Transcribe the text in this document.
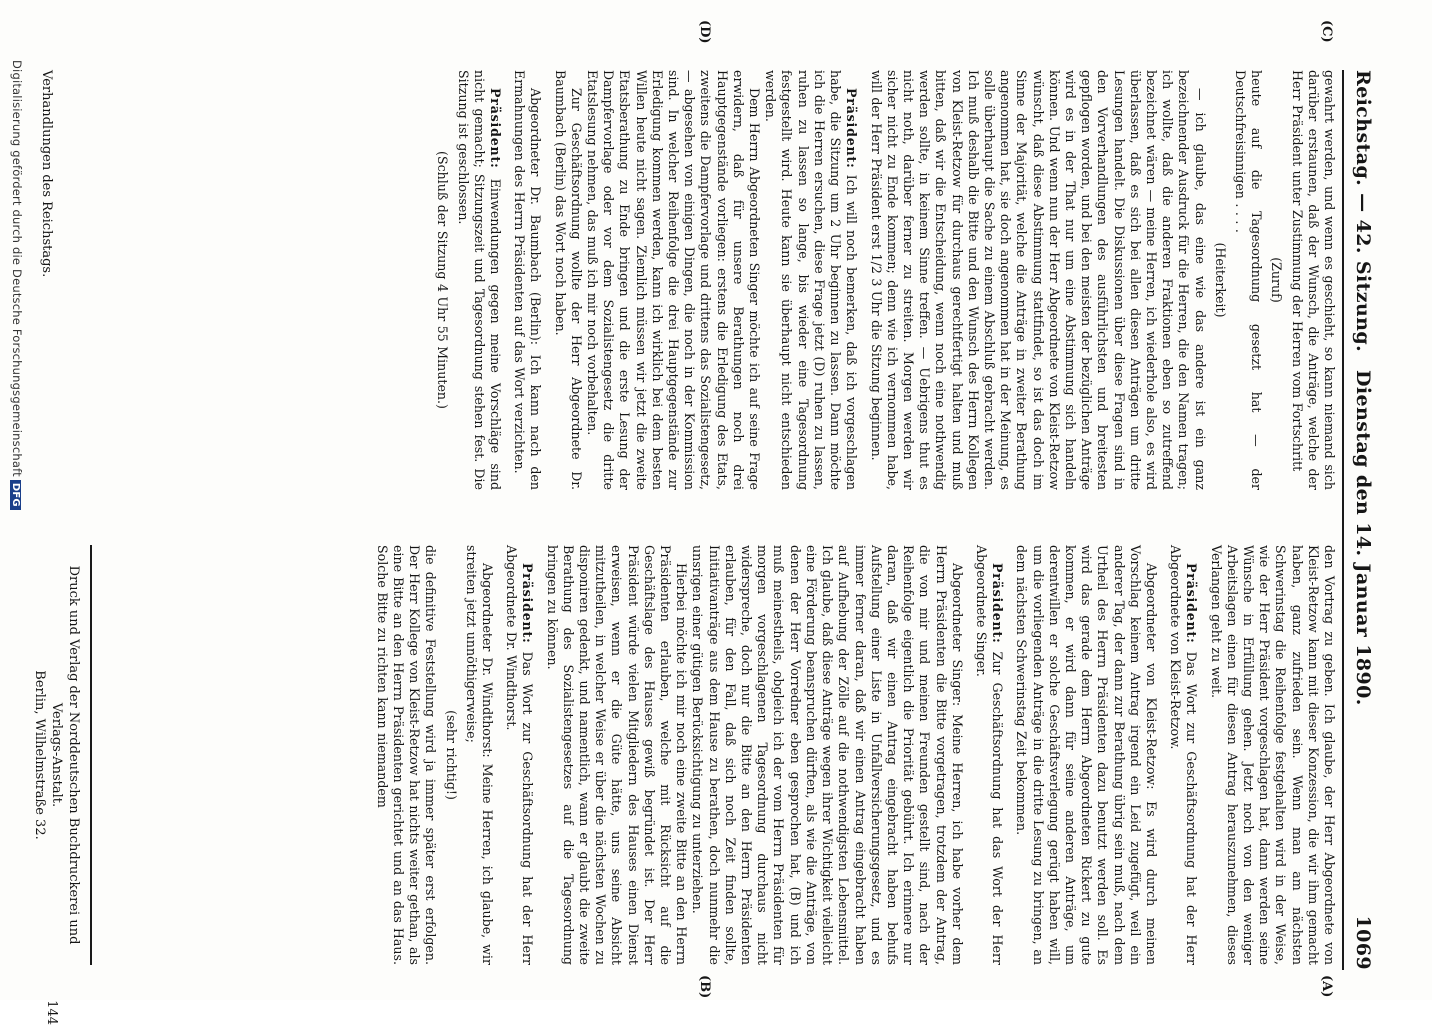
Reichstag. — 42. Sitzung.
Dienstag den 14. Januar 1890.
1069

gewahrt werden, und wenn es geschieht, so kann niemand sich darüber erstaunen, daß der Wunsch, die Anträge, welche der Herr Präsident unter Zustimmung der Herren vom Fortschritt

(Zuruf)

heute auf die Tagesordnung gesetzt hat — der Deutschfreisinnigen . . . .

(Heiterkeit)

— ich glaube, das eine wie das andere ist ein ganz bezeichnender Ausdruck für die Herren, die den Namen tragen; ich wollte, daß die anderen Fraktionen eben so zutreffend bezeichnet wären — meine Herren, ich wiederhole also, es wird überlassen, daß es sich bei allen diesen Anträgen um dritte Lesungen handelt. Die Diskussionen über diese Fragen sind in den Vorverhandlungen des ausführlichsten und breitesten gepflogen worden, und bei den meisten der bezüglichen Anträge wird es in der That nur um eine Abstimmung sich handeln können. Und wenn nun der Herr Abgeordnete von Kleist-Retzow wünscht, daß diese Abstimmung stattfindet, so ist das doch im Sinne der Majorität, welche die Anträge in zweiter Berathung angenommen hat, sie doch angenommen hat in der Meinung, es solle überhaupt die Sache zu einem Abschluß gebracht werden. Ich muß deshalb die Bitte und den Wunsch des Herrn Kollegen von Kleist-Retzow für durchaus gerechtfertigt halten und muß bitten, daß wir die Entscheidung, wenn noch eine nothwendig werden sollte, in keinem Sinne treffen. — Uebrigens thut es nicht noth, darüber ferner zu streiten. Morgen werden wir sicher nicht zu Ende kommen; denn wie ich vernommen habe, will der Herr Präsident erst 1/2 3 Uhr die Sitzung beginnen.

Präsident: Ich will noch bemerken, daß ich vorgeschlagen habe, die Sitzung um 2 Uhr beginnen zu lassen. Dann möchte ich die Herren ersuchen, diese Frage jetzt (D) ruhen zu lassen, ruhen zu lassen so lange, bis wieder eine Tagesordnung festgestellt wird. Heute kann sie überhaupt nicht entschieden werden.

Dem Herrn Abgeordneten Singer möchte ich auf seine Frage erwidern, daß für unsere Berathungen noch drei Hauptgegenstände vorliegen: erstens die Erledigung des Etats, zweitens die Dampfervorlage und drittens das Sozialistengesetz, — abgesehen von einigen Dingen, die noch in der Kommission sind. In welcher Reihenfolge die drei Hauptgegenstände zur Erledigung kommen werden, kann ich wirklich bei dem besten Willen heute nicht sagen. Ziemlich müssen wir jetzt die zweite Etatsberathung zu Ende bringen und die erste Lesung der Dampfervorlage oder vor dem Sozialistengesetz die dritte Etatslesung nehmen, das muß ich mir noch vorbehalten.

Zur Geschäftsordnung wollte der Herr Abgeordnete Dr. Baumbach (Berlin) das Wort noch haben.

Abgeordneter Dr. Baumbach (Berlin): Ich kann nach den Ermahnungen des Herrn Präsidenten auf das Wort verzichten.

Präsident: Einwendungen gegen meine Vorschläge sind nicht gemacht; Sitzungszeit und Tagesordnung stehen fest. Die Sitzung ist geschlossen.

(Schluß der Sitzung 4 Uhr 55 Minuten.)

den Vortrag zu geben. Ich glaube, der Herr Abgeordnete von Kleist-Retzow kann mit dieser Konzession, die wir ihm gemacht haben, ganz zufrieden sein. Wenn man am nächsten Schwerinstag die Reihenfolge festgehalten wird in der Weise, wie der Herr Präsident vorgeschlagen hat, dann werden seine Wünsche in Erfüllung gehen. Jetzt noch von den weniger Arbeitslagen einen für diesen Antrag herauszunehmen, dieses Verlangen geht zu weit.

Präsident: Das Wort zur Geschäftsordnung hat der Herr Abgeordnete von Kleist-Retzow.

Abgeordneter von Kleist-Retzow: Es wird durch meinen Vorschlag keinem Antrag irgend ein Leid zugefügt, weil ein anderer Tag, der dann zur Berathung übrig sein muß, nach dem Urtheil des Herrn Präsidenten dazu benutzt werden soll. Es wird das gerade dem Herrn Abgeordneten Rickert zu gute kommen, er wird dann für seine anderen Anträge, um derentwillen er solche Geschäftsverlegung gerügt haben will, um die vorliegenden Anträge in die dritte Lesung zu bringen, an dem nächsten Schwerinstag Zeit bekommen.

Präsident: Zur Geschäftsordnung hat das Wort der Herr Abgeordnete Singer.

Abgeordneter Singer: Meine Herren, ich habe vorher dem Herrn Präsidenten die Bitte vorgetragen, trotzdem der Antrag, die von mir und meinen Freunden gestellt sind, nach der Reihenfolge eigentlich die Priorität gebührt. Ich erinnere nur daran, daß wir einen Antrag eingebracht haben behufs Aufstellung einer Liste in Unfallversicherungsgesetz, und es immer ferner daran, daß wir einen Antrag eingebracht haben auf Aufhebung der Zölle auf die nothwendigsten Lebensmittel. Ich glaube, daß diese Anträge wegen ihrer Wichtigkeit vielleicht eine Förderung beanspruchen dürften, als wie die Anträge, von denen der Herr Vorredner eben gesprochen hat, (B) und ich muß meinestheils, obgleich ich der vom Herrn Präsidenten für morgen vorgeschlagenen Tagesordnung durchaus nicht widerspreche, doch nur die Bitte an den Herrn Präsidenten erlauben, für den Fall, daß sich noch Zeit finden sollte, Initiativanträge aus dem Hause zu berathen, doch nunmehr die unsrigen einer gütigen Berücksichtigung zu unterziehen.

Hierbei möchte ich mir noch eine zweite Bitte an den Herrn Präsidenten erlauben, welche mit Rücksicht auf die Geschäftslage des Hauses gewiß begründet ist. Der Herr Präsident würde vielen Mitgliedern des Hauses einen Dienst erweisen, wenn er die Güte hätte, uns seine Absicht mitzutheilen, in welcher Weise er über die nächsten Wochen zu disponiren gedenkt, und namentlich, wann er glaubt die zweite Berathung des Sozialistengesetzes auf die Tagesordnung bringen zu können.

Präsident: Das Wort zur Geschäftsordnung hat der Herr Abgeordnete Dr. Windthorst.

Abgeordneter Dr. Windthorst: Meine Herren, ich glaube, wir streiten jetzt unnöthigerweise;

(sehr richtig!)

die definitive Feststellung wird ja immer später erst erfolgen. Der Herr Kollege von Kleist-Retzow hat nichts weiter gethan, als eine Bitte an den Herrn Präsidenten gerichtet und an das Haus. Solche Bitte zu richten kann niemandem

(A)
(B)
(C)
(D)
Verhandlungen des Reichstags.
Druck und Verlag der Norddeutschen Buchdruckerei und Verlags-Anstalt.
Berlin, Wilhelmstraße 32.
144
Digitalisierung gefördert durch die Deutsche ForschungsgemeinschaftDFG
